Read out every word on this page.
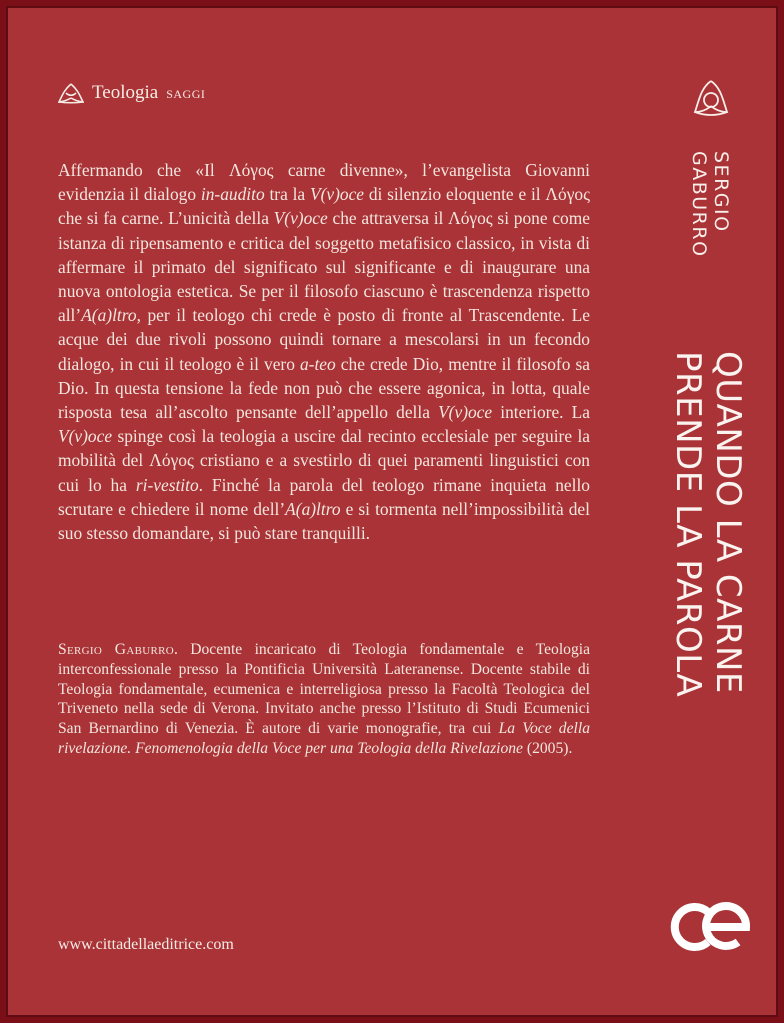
Teologia saggi

Affermando che «Il Λόγος carne divenne», l’evangelista Giovanni evidenzia il dialogo in-audito tra la V(v)oce di silenzio eloquente e il Λόγος che si fa carne. L’unicità della V(v)oce che attraversa il Λόγος si pone come istanza di ripensamento e critica del soggetto metafisico classico, in vista di affermare il primato del significato sul significante e di inaugurare una nuova ontologia estetica. Se per il filosofo ciascuno è trascendenza rispetto all’A(a)ltro, per il teologo chi crede è posto di fronte al Trascendente. Le acque dei due rivoli possono quindi tornare a mescolarsi in un fecondo dialogo, in cui il teologo è il vero a-teo che crede Dio, mentre il filosofo sa Dio. In questa tensione la fede non può che essere agonica, in lotta, quale risposta tesa all’ascolto pensante dell’appello della V(v)oce interiore. La V(v)oce spinge così la teologia a uscire dal recinto ecclesiale per seguire la mobilità del Λόγος cristiano e a svestirlo di quei paramenti linguistici con cui lo ha ri-vestito. Finché la parola del teologo rimane inquieta nello scrutare e chiedere il nome dell’A(a)ltro e si tormenta nell’impossibilità del suo stesso domandare, si può stare tranquilli.

Sergio Gaburro. Docente incaricato di Teologia fondamentale e Teologia interconfessionale presso la Pontificia Università Lateranense. Docente stabile di Teologia fondamentale, ecumenica e interreligiosa presso la Facoltà Teologica del Triveneto nella sede di Verona. Invitato anche presso l’Istituto di Studi Ecumenici San Bernardino di Venezia. È autore di varie monografie, tra cui La Voce della rivelazione. Fenomenologia della Voce per una Teologia della Rivelazione (2005).

www.cittadellaeditrice.com
SERGIO
GABURRO
QUANDO LA CARNE
PRENDE LA PAROLA
